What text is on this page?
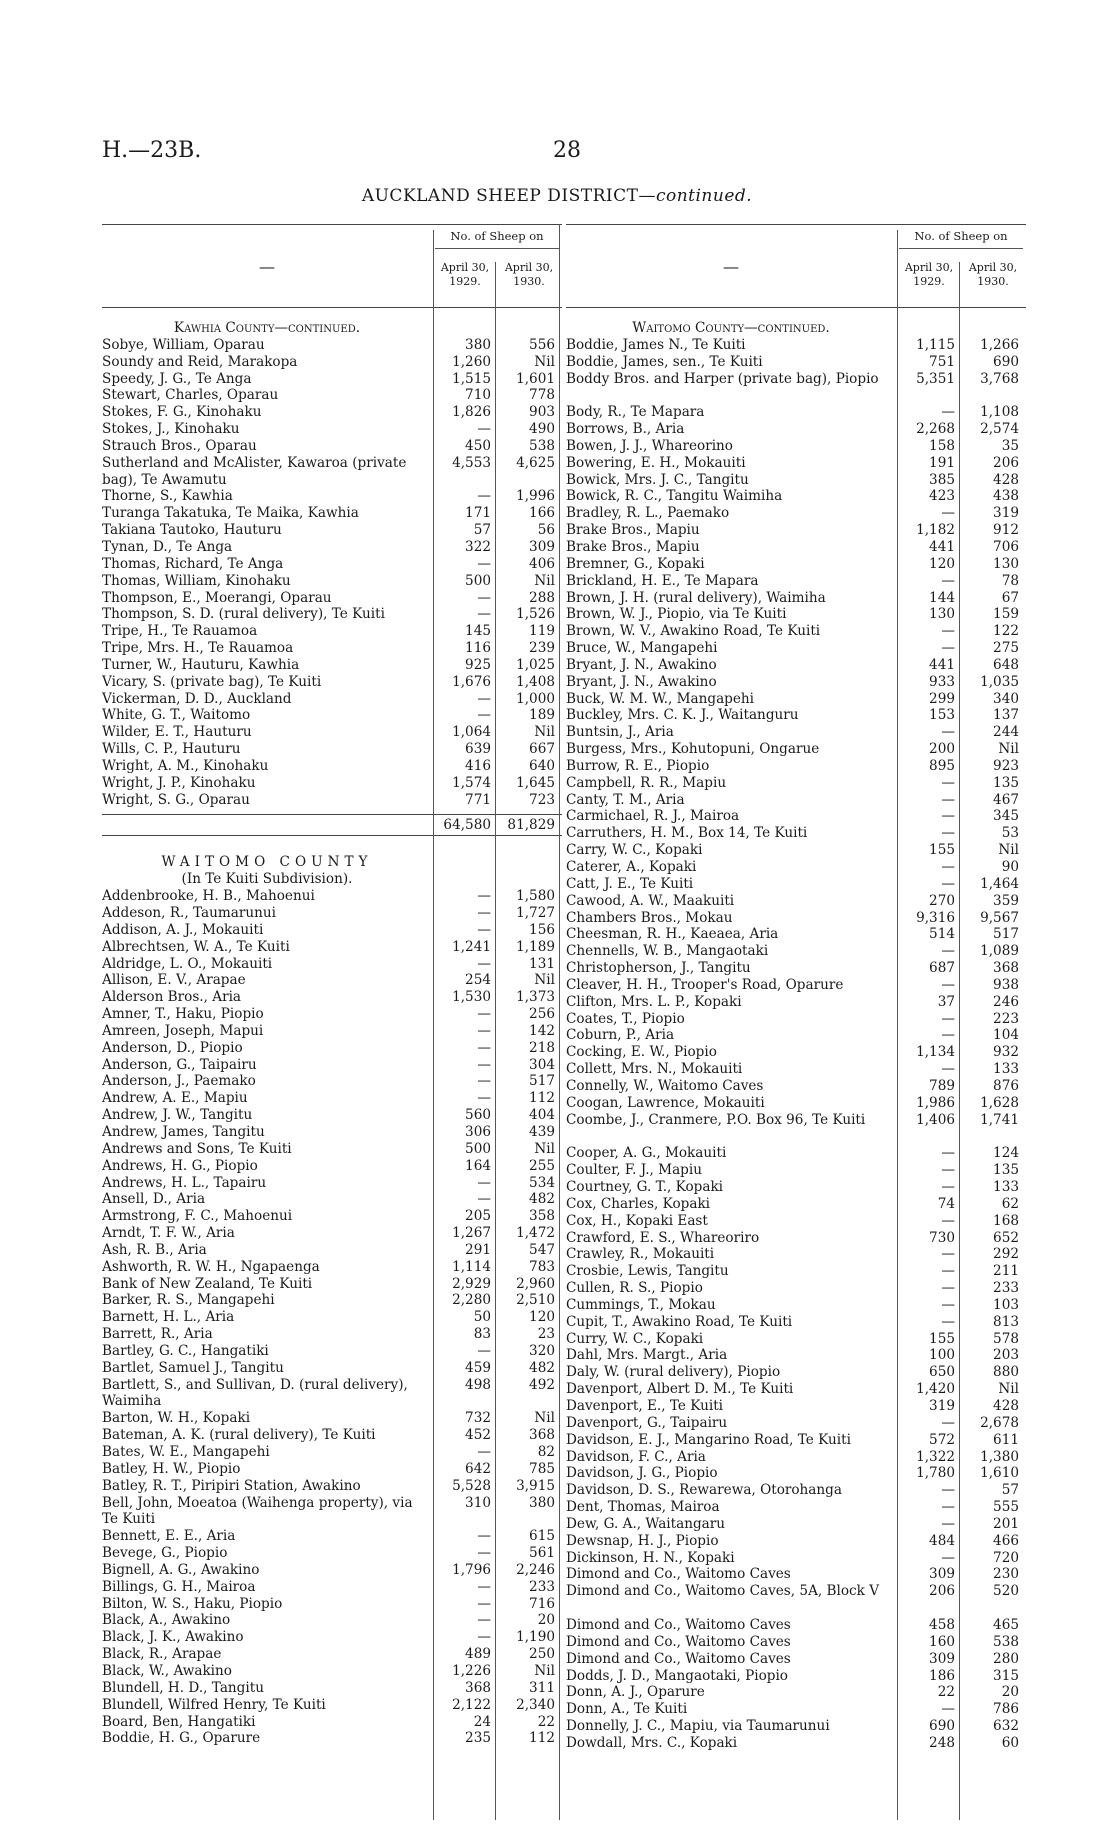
H.—23B.	28
AUCKLAND SHEEP DISTRICT—continued.
—
No. of Sheep on
April 30, 1929.
April 30, 1930.
Kawhia County—continued.
Sobye, William, Oparau	380	556
Soundy and Reid, Marakopa	1,260	Nil
Speedy, J. G., Te Anga	1,515	1,601
Stewart, Charles, Oparau	710	778
Stokes, F. G., Kinohaku	1,826	903
Stokes, J., Kinohaku	—	490
Strauch Bros., Oparau	450	538
Sutherland and McAlister, Kawaroa (private bag), Te Awamutu
4,553	4,625
Thorne, S., Kawhia	—	1,996
Turanga Takatuka, Te Maika, Kawhia	171	166
Takiana Tautoko, Hauturu	57	56
Tynan, D., Te Anga	322	309
Thomas, Richard, Te Anga	—	406
Thomas, William, Kinohaku	500	Nil
Thompson, E., Moerangi, Oparau	—	288
Thompson, S. D. (rural delivery), Te Kuiti	—	1,526
Tripe, H., Te Rauamoa	145	119
Tripe, Mrs. H., Te Rauamoa	116	239
Turner, W., Hauturu, Kawhia	925	1,025
Vicary, S. (private bag), Te Kuiti	1,676	1,408
Vickerman, D. D., Auckland	—	1,000
White, G. T., Waitomo	—	189
Wilder, E. T., Hauturu	1,064	Nil
Wills, C. P., Hauturu	639	667
Wright, A. M., Kinohaku	416	640
Wright, J. P., Kinohaku	1,574	1,645
Wright, S. G., Oparau	771	723
64,580	81,829
WAITOMO COUNTY
(In Te Kuiti Subdivision).
Addenbrooke, H. B., Mahoenui	—	1,580
Addeson, R., Taumarunui	—	1,727
Addison, A. J., Mokauiti	—	156
Albrechtsen, W. A., Te Kuiti	1,241	1,189
Aldridge, L. O., Mokauiti	—	131
Allison, E. V., Arapae	254	Nil
Alderson Bros., Aria	1,530	1,373
Amner, T., Haku, Piopio	—	256
Amreen, Joseph, Mapui	—	142
Anderson, D., Piopio	—	218
Anderson, G., Taipairu	—	304
Anderson, J., Paemako	—	517
Andrew, A. E., Mapiu	—	112
Andrew, J. W., Tangitu	560	404
Andrew, James, Tangitu	306	439
Andrews and Sons, Te Kuiti	500	Nil
Andrews, H. G., Piopio	164	255
Andrews, H. L., Tapairu	—	534
Ansell, D., Aria	—	482
Armstrong, F. C., Mahoenui	205	358
Arndt, T. F. W., Aria	1,267	1,472
Ash, R. B., Aria	291	547
Ashworth, R. W. H., Ngapaenga	1,114	783
Bank of New Zealand, Te Kuiti	2,929	2,960
Barker, R. S., Mangapehi	2,280	2,510
Barnett, H. L., Aria	50	120
Barrett, R., Aria	83	23
Bartley, G. C., Hangatiki	—	320
Bartlet, Samuel J., Tangitu	459	482
Bartlett, S., and Sullivan, D. (rural delivery), Waimiha
498	492
Barton, W. H., Kopaki	732	Nil
Bateman, A. K. (rural delivery), Te Kuiti	452	368
Bates, W. E., Mangapehi	—	82
Batley, H. W., Piopio	642	785
Batley, R. T., Piripiri Station, Awakino	5,528	3,915
Bell, John, Moeatoa (Waihenga property), via Te Kuiti
310	380
Bennett, E. E., Aria	—	615
Bevege, G., Piopio	—	561
Bignell, A. G., Awakino	1,796	2,246
Billings, G. H., Mairoa	—	233
Bilton, W. S., Haku, Piopio	—	716
Black, A., Awakino	—	20
Black, J. K., Awakino	—	1,190
Black, R., Arapae	489	250
Black, W., Awakino	1,226	Nil
Blundell, H. D., Tangitu	368	311
Blundell, Wilfred Henry, Te Kuiti	2,122	2,340
Board, Ben, Hangatiki	24	22
Boddie, H. G., Oparure	235	112
—
No. of Sheep on
April 30, 1929.
April 30, 1930.
Waitomo County—continued.
Boddie, James N., Te Kuiti	1,115	1,266
Boddie, James, sen., Te Kuiti	751	690
Boddy Bros. and Harper (private bag), Piopio	5,351	3,768
Body, R., Te Mapara	—	1,108
Borrows, B., Aria	2,268	2,574
Bowen, J. J., Whareorino	158	35
Bowering, E. H., Mokauiti	191	206
Bowick, Mrs. J. C., Tangitu	385	428
Bowick, R. C., Tangitu Waimiha	423	438
Bradley, R. L., Paemako	—	319
Brake Bros., Mapiu	1,182	912
Brake Bros., Mapiu	441	706
Bremner, G., Kopaki	120	130
Brickland, H. E., Te Mapara	—	78
Brown, J. H. (rural delivery), Waimiha	144	67
Brown, W. J., Piopio, via Te Kuiti	130	159
Brown, W. V., Awakino Road, Te Kuiti	—	122
Bruce, W., Mangapehi	—	275
Bryant, J. N., Awakino	441	648
Bryant, J. N., Awakino	933	1,035
Buck, W. M. W., Mangapehi	299	340
Buckley, Mrs. C. K. J., Waitanguru	153	137
Buntsin, J., Aria	—	244
Burgess, Mrs., Kohutopuni, Ongarue	200	Nil
Burrow, R. E., Piopio	895	923
Campbell, R. R., Mapiu	—	135
Canty, T. M., Aria	—	467
Carmichael, R. J., Mairoa	—	345
Carruthers, H. M., Box 14, Te Kuiti	—	53
Carry, W. C., Kopaki	155	Nil
Caterer, A., Kopaki	—	90
Catt, J. E., Te Kuiti	—	1,464
Cawood, A. W., Maakuiti	270	359
Chambers Bros., Mokau	9,316	9,567
Cheesman, R. H., Kaeaea, Aria	514	517
Chennells, W. B., Mangaotaki	—	1,089
Christopherson, J., Tangitu	687	368
Cleaver, H. H., Trooper's Road, Oparure	—	938
Clifton, Mrs. L. P., Kopaki	37	246
Coates, T., Piopio	—	223
Coburn, P., Aria	—	104
Cocking, E. W., Piopio	1,134	932
Collett, Mrs. N., Mokauiti	—	133
Connelly, W., Waitomo Caves	789	876
Coogan, Lawrence, Mokauiti	1,986	1,628
Coombe, J., Cranmere, P.O. Box 96, Te Kuiti	1,406	1,741
Cooper, A. G., Mokauiti	—	124
Coulter, F. J., Mapiu	—	135
Courtney, G. T., Kopaki	—	133
Cox, Charles, Kopaki	74	62
Cox, H., Kopaki East	—	168
Crawford, E. S., Whareoriro	730	652
Crawley, R., Mokauiti	—	292
Crosbie, Lewis, Tangitu	—	211
Cullen, R. S., Piopio	—	233
Cummings, T., Mokau	—	103
Cupit, T., Awakino Road, Te Kuiti	—	813
Curry, W. C., Kopaki	155	578
Dahl, Mrs. Margt., Aria	100	203
Daly, W. (rural delivery), Piopio	650	880
Davenport, Albert D. M., Te Kuiti	1,420	Nil
Davenport, E., Te Kuiti	319	428
Davenport, G., Taipairu	—	2,678
Davidson, E. J., Mangarino Road, Te Kuiti	572	611
Davidson, F. C., Aria	1,322	1,380
Davidson, J. G., Piopio	1,780	1,610
Davidson, D. S., Rewarewa, Otorohanga	—	57
Dent, Thomas, Mairoa	—	555
Dew, G. A., Waitangaru	—	201
Dewsnap, H. J., Piopio	484	466
Dickinson, H. N., Kopaki	—	720
Dimond and Co., Waitomo Caves	309	230
Dimond and Co., Waitomo Caves, 5A, Block V	206	520
Dimond and Co., Waitomo Caves	458	465
Dimond and Co., Waitomo Caves	160	538
Dimond and Co., Waitomo Caves	309	280
Dodds, J. D., Mangaotaki, Piopio	186	315
Donn, A. J., Oparure	22	20
Donn, A., Te Kuiti	—	786
Donnelly, J. C., Mapiu, via Taumarunui	690	632
Dowdall, Mrs. C., Kopaki	248	60
